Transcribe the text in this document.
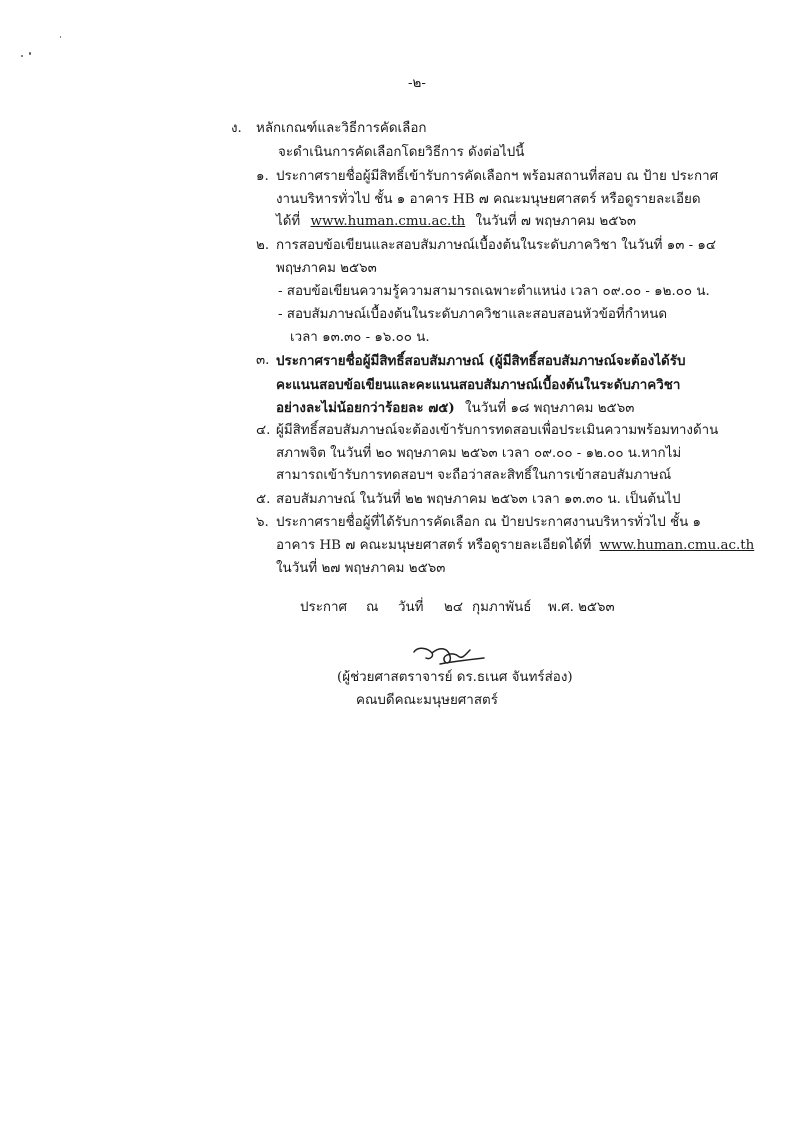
-๒-
ง. หลักเกณฑ์และวิธีการคัดเลือก
จะดำเนินการคัดเลือกโดยวิธีการ ดังต่อไปนี้
๑. ประกาศรายชื่อผู้มีสิทธิ์เข้ารับการคัดเลือกฯ พร้อมสถานที่สอบ ณ ป้าย ประกาศ
งานบริหารทั่วไป ชั้น ๑ อาคาร HB ๗ คณะมนุษยศาสตร์ หรือดูรายละเอียด
ได้ที่ www.human.cmu.ac.th ในวันที่ ๗ พฤษภาคม ๒๕๖๓
๒. การสอบข้อเขียนและสอบสัมภาษณ์เบื้องต้นในระดับภาควิชา ในวันที่ ๑๓ - ๑๔
พฤษภาคม ๒๕๖๓
- สอบข้อเขียนความรู้ความสามารถเฉพาะตำแหน่ง เวลา ๐๙.๐๐ - ๑๒.๐๐ น.
- สอบสัมภาษณ์เบื้องต้นในระดับภาควิชาและสอบสอนหัวข้อที่กำหนด
เวลา ๑๓.๓๐ - ๑๖.๐๐ น.
๓. ประกาศรายชื่อผู้มีสิทธิ์สอบสัมภาษณ์ (ผู้มีสิทธิ์สอบสัมภาษณ์จะต้องได้รับ
คะแนนสอบข้อเขียนและคะแนนสอบสัมภาษณ์เบื้องต้นในระดับภาควิชา
อย่างละไม่น้อยกว่าร้อยละ ๗๕) ในวันที่ ๑๘ พฤษภาคม ๒๕๖๓
๔. ผู้มีสิทธิ์สอบสัมภาษณ์จะต้องเข้ารับการทดสอบเพื่อประเมินความพร้อมทางด้าน
สภาพจิต ในวันที่ ๒๐ พฤษภาคม ๒๕๖๓ เวลา ๐๙.๐๐ - ๑๒.๐๐ น.หากไม่
สามารถเข้ารับการทดสอบฯ จะถือว่าสละสิทธิ์ในการเข้าสอบสัมภาษณ์
๕. สอบสัมภาษณ์ ในวันที่ ๒๒ พฤษภาคม ๒๕๖๓ เวลา ๑๓.๓๐ น. เป็นต้นไป
๖. ประกาศรายชื่อผู้ที่ได้รับการคัดเลือก ณ ป้ายประกาศงานบริหารทั่วไป ชั้น ๑
อาคาร HB ๗ คณะมนุษยศาสตร์ หรือดูรายละเอียดได้ที่ www.human.cmu.ac.th
ในวันที่ ๒๗ พฤษภาคม ๒๕๖๓
ประกาศ ณ วันที่ ๒๔ กุมภาพันธ์ พ.ศ. ๒๕๖๓
(ผู้ช่วยศาสตราจารย์ ดร.ธเนศ จันทร์ส่อง)
คณบดีคณะมนุษยศาสตร์
